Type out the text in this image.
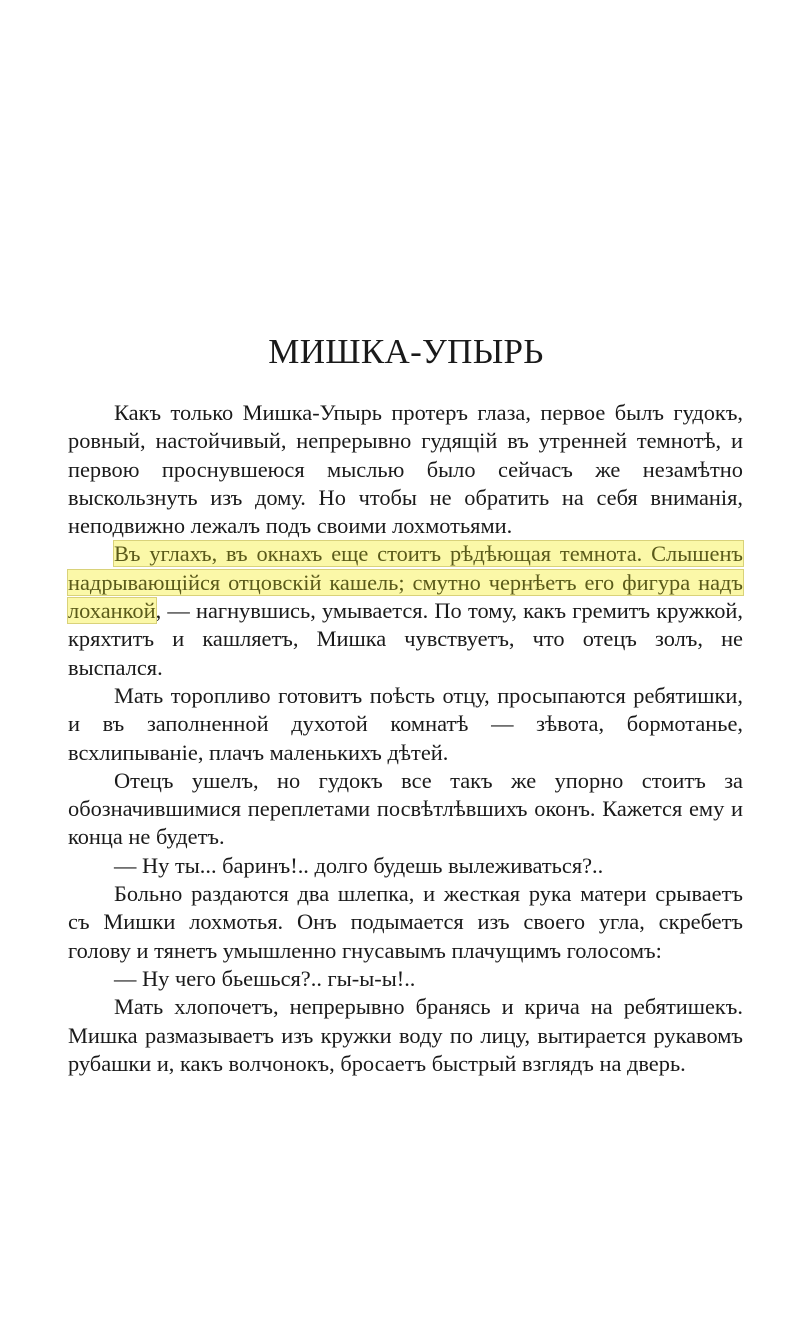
МИШКА-УПЫРЬ

Какъ только Мишка-Упырь протеръ глаза, первое былъ гудокъ, ровный, настойчивый, непрерывно гудящій въ утренней темнотѣ, и первою проснувшеюся мыслью было сейчасъ же незамѣтно выскользнуть изъ дому. Но чтобы не обратить на себя вниманія, неподвижно лежалъ подъ своими лохмотьями.

Въ углахъ, въ окнахъ еще стоитъ рѣдѣющая темнота. Слышенъ надрывающійся отцовскій кашель; смутно чернѣетъ его фигура надъ лоханкой, — нагнувшись, умывается. По тому, какъ гремитъ кружкой, кряхтитъ и кашляетъ, Мишка чувствуетъ, что отецъ золъ, не выспался.

Мать торопливо готовитъ поѣсть отцу, просыпаются ребятишки, и въ заполненной духотой комнатѣ — зѣвота, бормотанье, всхлипываніе, плачъ маленькихъ дѣтей.

Отецъ ушелъ, но гудокъ все такъ же упорно стоитъ за обозначившимися переплетами посвѣтлѣвшихъ оконъ. Кажется ему и конца не будетъ.

— Ну ты... баринъ!.. долго будешь вылеживаться?..

Больно раздаются два шлепка, и жесткая рука матери срываетъ съ Мишки лохмотья. Онъ подымается изъ своего угла, скребетъ голову и тянетъ умышленно гнусавымъ плачущимъ голосомъ:

— Ну чего бьешься?.. гы-ы-ы!..

Мать хлопочетъ, непрерывно бранясь и крича на ребятишекъ. Мишка размазываетъ изъ кружки воду по лицу, вытирается рукавомъ рубашки и, какъ волчонокъ, бросаетъ быстрый взглядъ на дверь.
